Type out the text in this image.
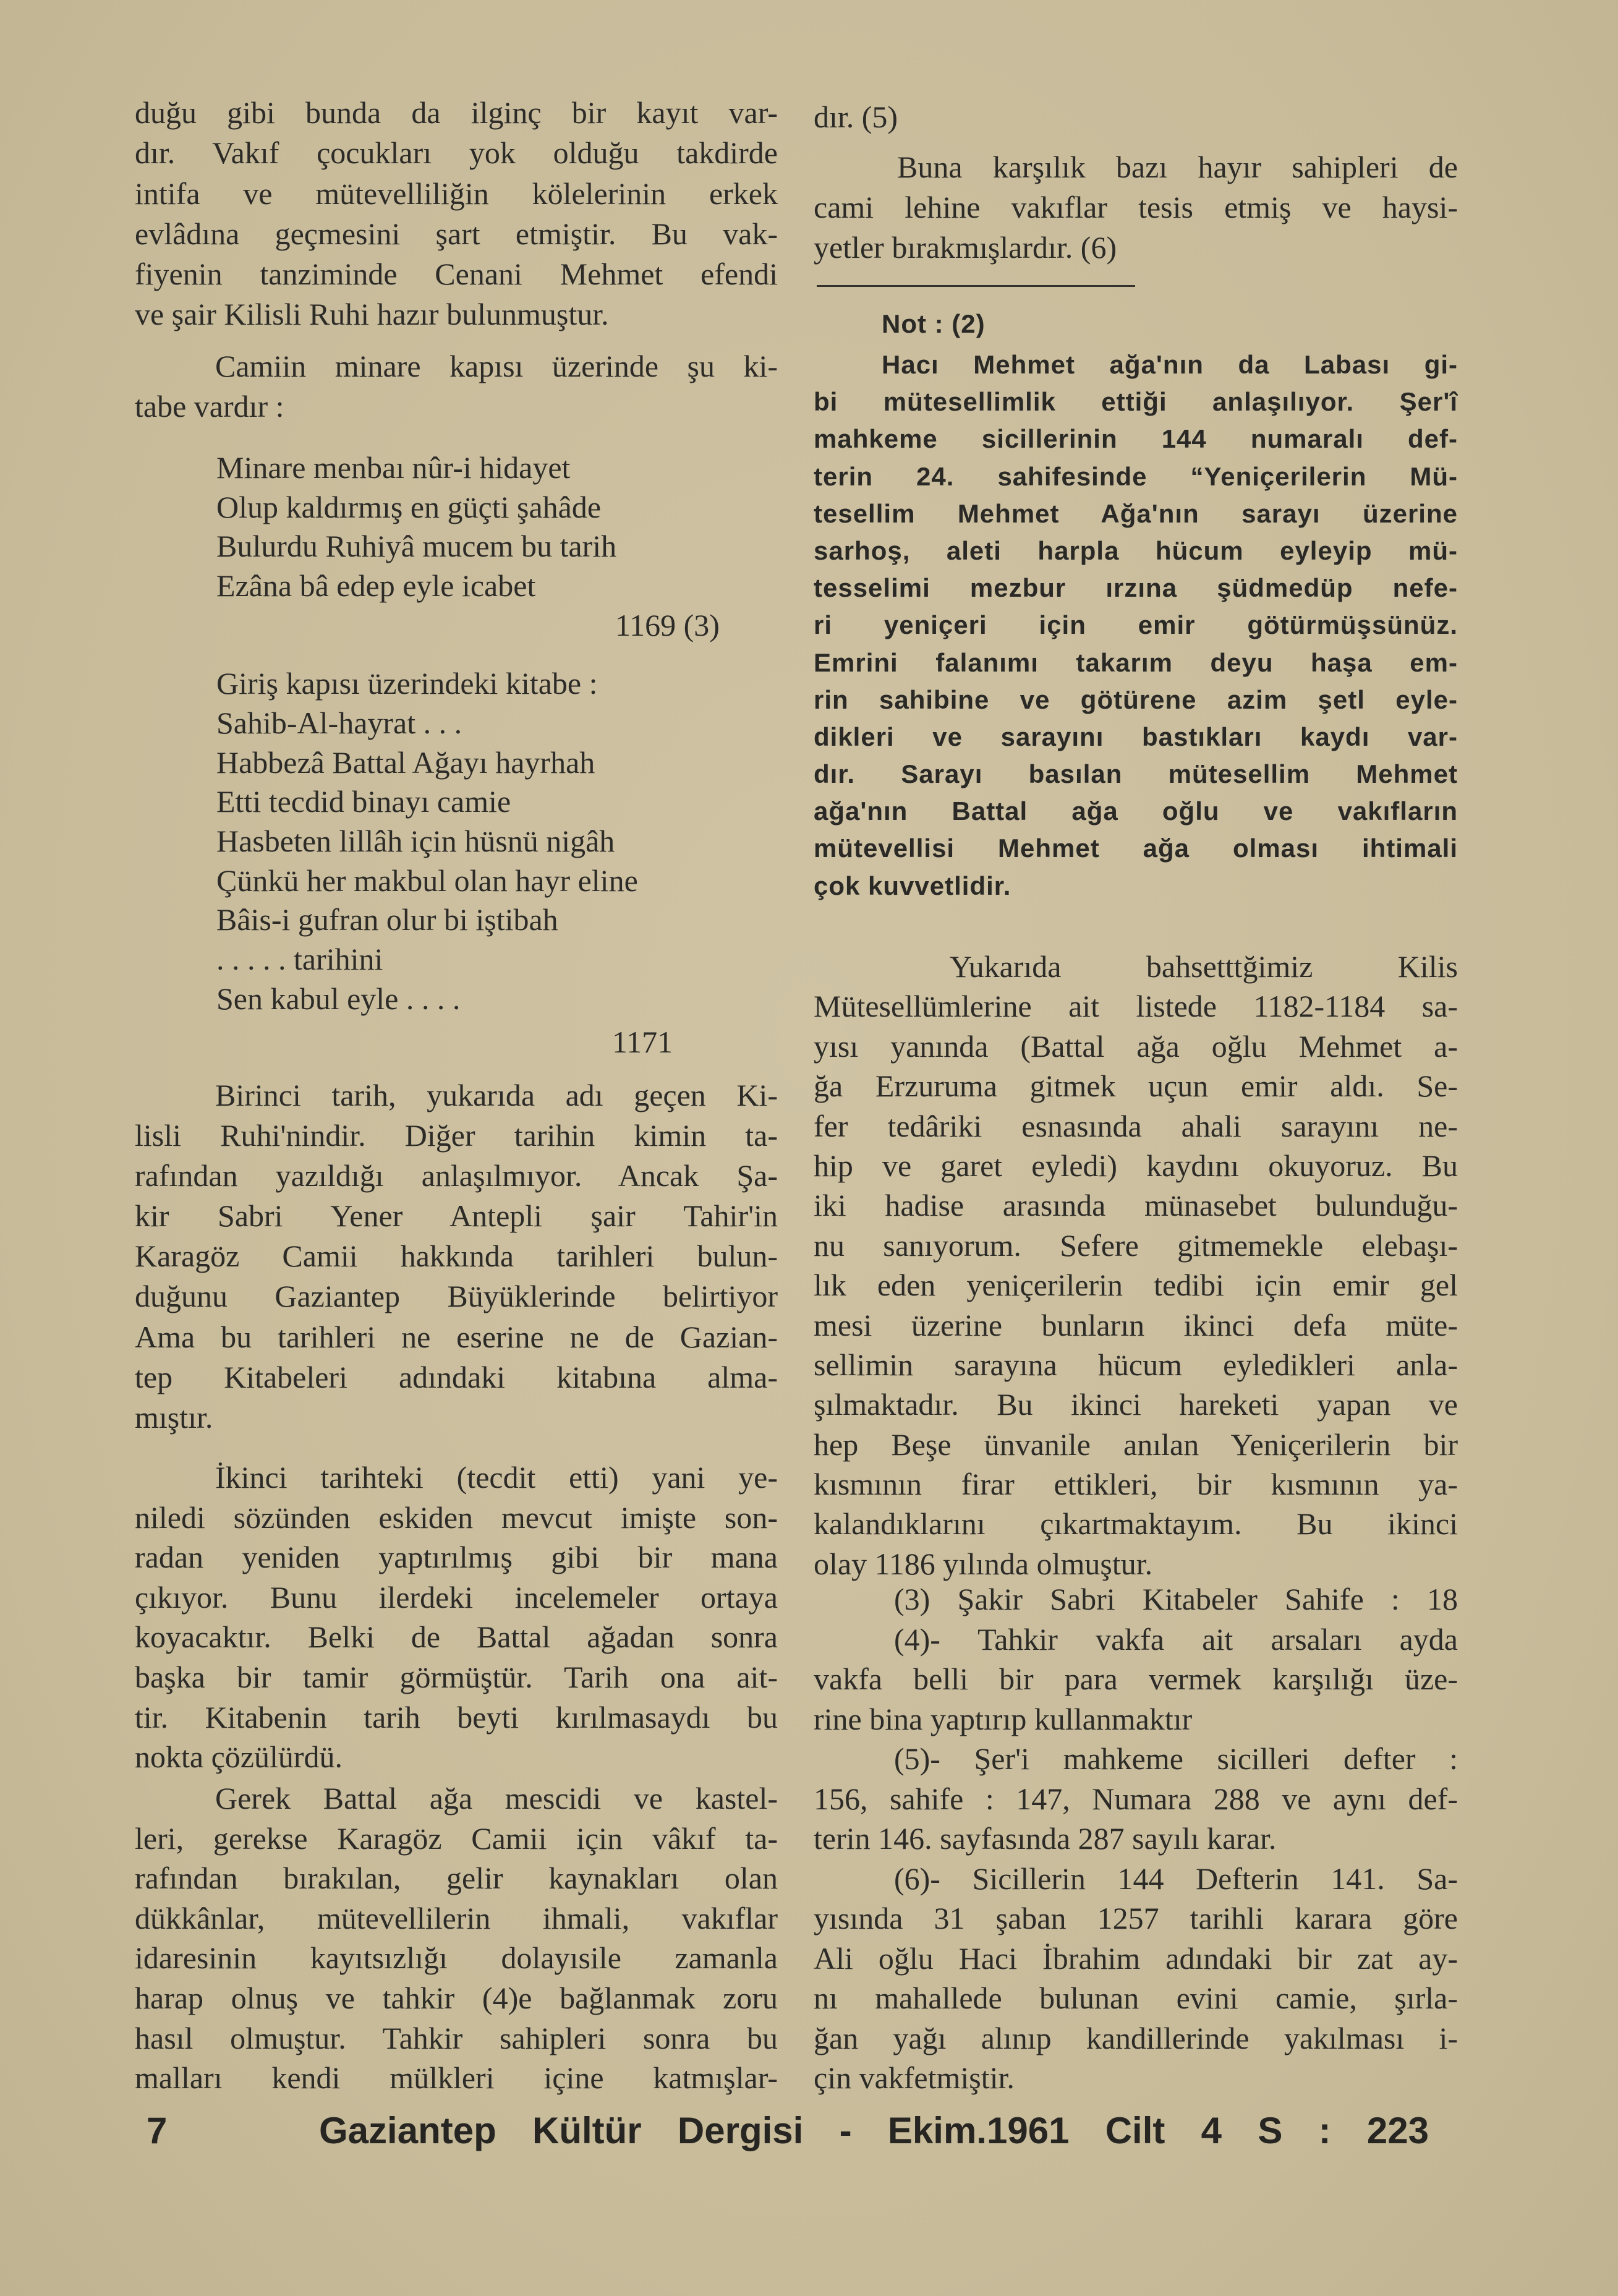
7	Gaziantep Kültür Dergisi - Ekim.1961 Cilt 4 S : 223
duğu gibi bunda da ilginç bir kayıt var-
dır. Vakıf çocukları yok olduğu takdirde
intifa ve mütevelliliğin kölelerinin erkek
evlâdına geçmesini şart etmiştir. Bu vak-
fiyenin tanziminde Cenani Mehmet efendi
ve şair Kilisli Ruhi hazır bulunmuştur.
Camiin minare kapısı üzerinde şu ki-
tabe vardır :
Minare menbaı nûr-i hidayet
Olup kaldırmış en güçti şahâde
Bulurdu Ruhiyâ mucem bu tarih
Ezâna bâ edep eyle icabet
1169 (3)
Giriş kapısı üzerindeki kitabe :
Sahib-Al-hayrat . . .
Habbezâ Battal Ağayı hayrhah
Etti tecdid binayı camie
Hasbeten lillâh için hüsnü nigâh
Çünkü her makbul olan hayr eline
Bâis-i gufran olur bi iştibah
. . . . . tarihini
Sen kabul eyle . . . .
1171
Birinci tarih, yukarıda adı geçen Ki-
lisli Ruhi'nindir. Diğer tarihin kimin ta-
rafından yazıldığı anlaşılmıyor. Ancak Şa-
kir Sabri Yener Antepli şair Tahir'in
Karagöz Camii hakkında tarihleri bulun-
duğunu Gaziantep Büyüklerinde belirtiyor
Ama bu tarihleri ne eserine ne de Gazian-
tep Kitabeleri adındaki kitabına alma-
mıştır.
İkinci tarihteki (tecdit etti) yani ye-
niledi sözünden eskiden mevcut imişte son-
radan yeniden yaptırılmış gibi bir mana
çıkıyor. Bunu ilerdeki incelemeler ortaya
koyacaktır. Belki de Battal ağadan sonra
başka bir tamir görmüştür. Tarih ona ait-
tir. Kitabenin tarih beyti kırılmasaydı bu
nokta çözülürdü.
Gerek Battal ağa mescidi ve kastel-
leri, gerekse Karagöz Camii için vâkıf ta-
rafından bırakılan, gelir kaynakları olan
dükkânlar, mütevellilerin ihmali, vakıflar
idaresinin kayıtsızlığı dolayısile zamanla
harap olnuş ve tahkir (4)e bağlanmak zoru
hasıl olmuştur. Tahkir sahipleri sonra bu
malları kendi mülkleri içine katmışlar-
dır. (5)
Buna karşılık bazı hayır sahipleri de
cami lehine vakıflar tesis etmiş ve haysi-
yetler bırakmışlardır. (6)
Not : (2)
Hacı Mehmet ağa'nın da Labası gi-
bi mütesellimlik ettiği anlaşılıyor. Şer'î
mahkeme sicillerinin 144 numaralı def-
terin 24. sahifesinde “Yeniçerilerin Mü-
tesellim Mehmet Ağa'nın sarayı üzerine
sarhoş, aleti harpla hücum eyleyip mü-
tesselimi mezbur ırzına şüdmedüp nefe-
ri yeniçeri için emir götürmüşsünüz.
Emrini falanımı takarım deyu haşa em-
rin sahibine ve götürene azim şetl eyle-
dikleri ve sarayını bastıkları kaydı var-
dır. Sarayı basılan mütesellim Mehmet
ağa'nın Battal ağa oğlu ve vakıfların
mütevellisi Mehmet ağa olması ihtimali
çok kuvvetlidir.
Yukarıda bahsetttğimiz Kilis
Mütesellümlerine ait listede 1182-1184 sa-
yısı yanında (Battal ağa oğlu Mehmet a-
ğa Erzuruma gitmek uçun emir aldı. Se-
fer tedâriki esnasında ahali sarayını ne-
hip ve garet eyledi) kaydını okuyoruz. Bu
iki hadise arasında münasebet bulunduğu-
nu sanıyorum. Sefere gitmemekle elebaşı-
lık eden yeniçerilerin tedibi için emir gel
mesi üzerine bunların ikinci defa müte-
sellimin sarayına hücum eyledikleri anla-
şılmaktadır. Bu ikinci hareketi yapan ve
hep Beşe ünvanile anılan Yeniçerilerin bir
kısmının firar ettikleri, bir kısmının ya-
kalandıklarını çıkartmaktayım. Bu ikinci
olay 1186 yılında olmuştur.
(3) Şakir Sabri Kitabeler Sahife : 18
(4)- Tahkir vakfa ait arsaları ayda
vakfa belli bir para vermek karşılığı üze-
rine bina yaptırıp kullanmaktır
(5)- Şer'i mahkeme sicilleri defter :
156, sahife : 147, Numara 288 ve aynı def-
terin 146. sayfasında 287 sayılı karar.
(6)- Sicillerin 144 Defterin 141. Sa-
yısında 31 şaban 1257 tarihli karara göre
Ali oğlu Haci İbrahim adındaki bir zat ay-
nı mahallede bulunan evini camie, şırla-
ğan yağı alınıp kandillerinde yakılması i-
çin vakfetmiştir.
